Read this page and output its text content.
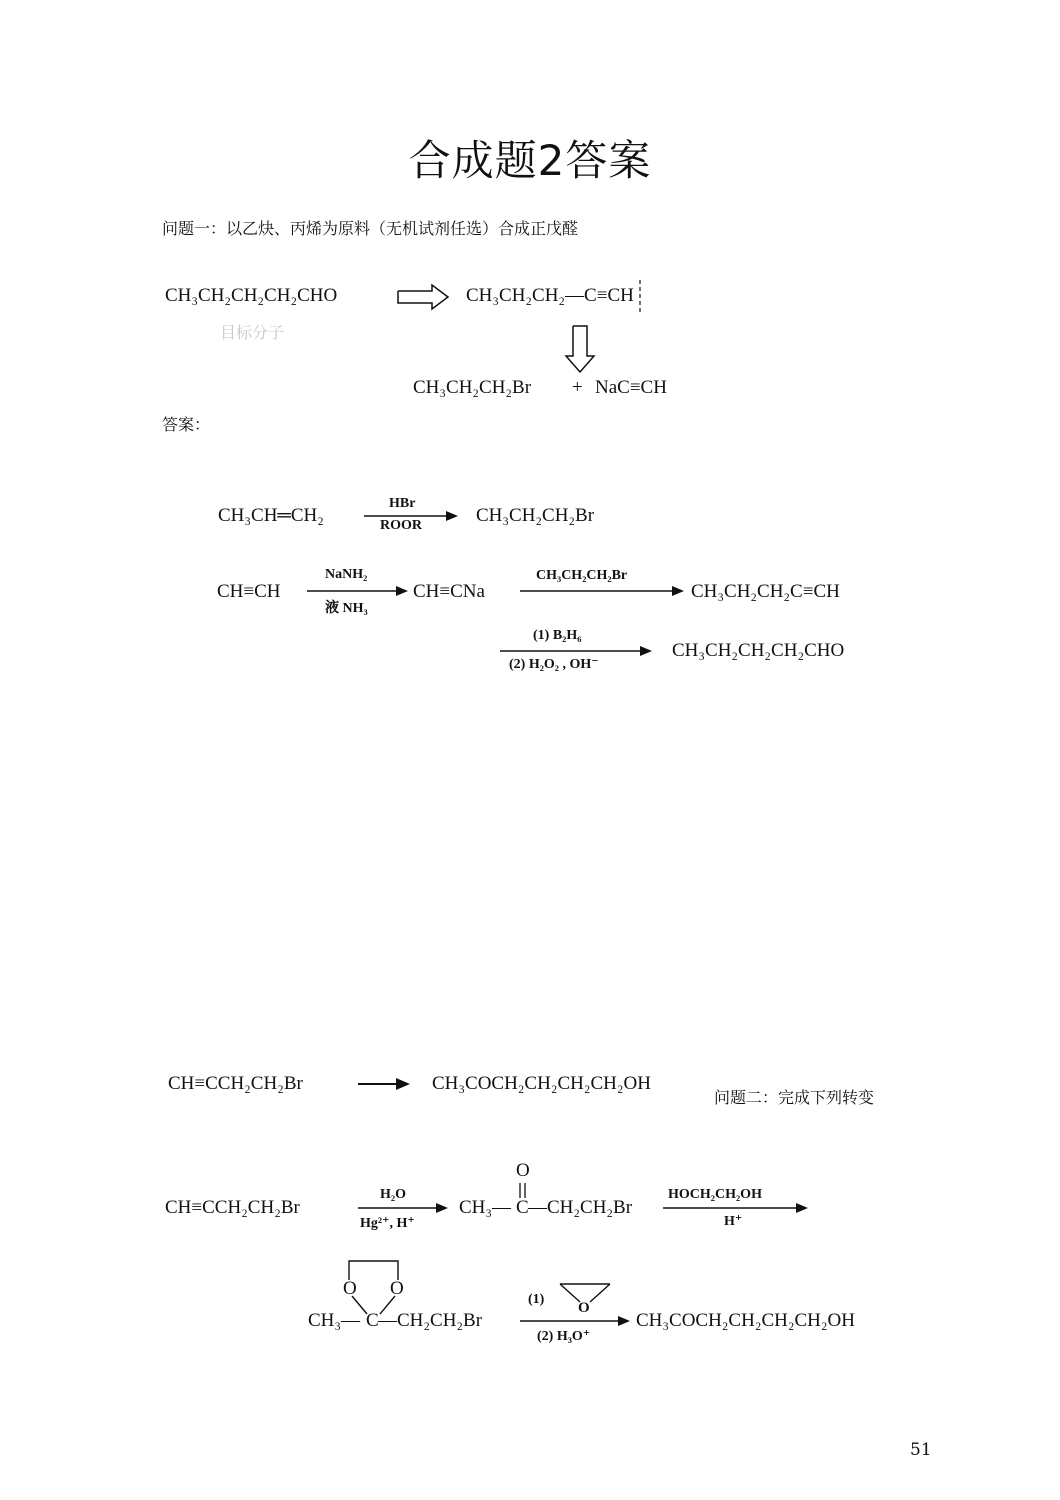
合成题2答案
问题一：以乙炔、丙烯为原料（无机试剂任选）合成正戊醛
CH₃CH₂CH₂CH₂CHO
目标分子
CH₃CH₂CH₂—C≡CH
CH₃CH₂CH₂Br + NaC≡CH
答案：
CH₃CH═CH₂
HBr
ROOR	CH₃CH₂CH₂Br
CH≡CH
NaNH₂
液 NH₃
CH≡CNa
CH₃CH₂CH₂Br
CH₃CH₂CH₂C≡CH
(1) B₂H₆
(2) H₂O₂ , OH⁻
CH₃CH₂CH₂CH₂CHO
CH≡CCH₂CH₂Br	CH₃COCH₂CH₂CH₂CH₂OH
问题二：完成下列转变
CH≡CCH₂CH₂Br
H₂O
Hg²⁺, H⁺
O
CH₃— C —CH₂CH₂Br
HOCH₂CH₂OH
H⁺
O O
CH₃— C —CH₂CH₂Br
(1)
O
(2) H₃O⁺
CH₃COCH₂CH₂CH₂CH₂OH
51
